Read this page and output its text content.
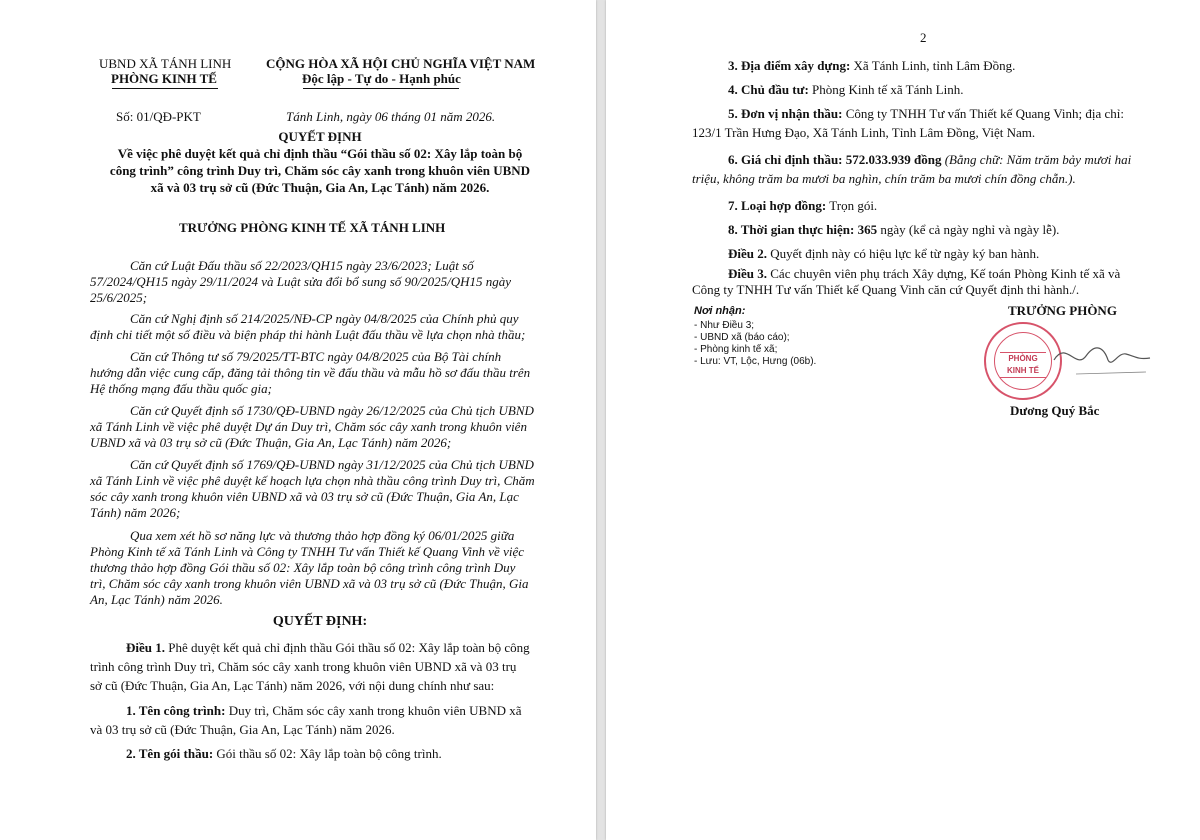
UBND XÃ TÁNH LINH
PHÒNG KINH TẾ
CỘNG HÒA XÃ HỘI CHỦ NGHĨA VIỆT NAM
Độc lập - Tự do - Hạnh phúc
Số: 01/QĐ-PKT	Tánh Linh, ngày 06 tháng 01 năm 2026.
QUYẾT ĐỊNH
Về việc phê duyệt kết quả chỉ định thầu “Gói thầu số 02: Xây lắp toàn bộ
công trình” công trình Duy trì, Chăm sóc cây xanh trong khuôn viên UBND
xã và 03 trụ sở cũ (Đức Thuận, Gia An, Lạc Tánh) năm 2026.
TRƯỞNG PHÒNG KINH TẾ XÃ TÁNH LINH
Căn cứ Luật Đấu thầu số 22/2023/QH15 ngày 23/6/2023; Luật số
57/2024/QH15 ngày 29/11/2024 và Luật sửa đổi bổ sung số 90/2025/QH15 ngày
25/6/2025;
Căn cứ Nghị định số 214/2025/NĐ-CP ngày 04/8/2025 của Chính phủ quy
định chi tiết một số điều và biện pháp thi hành Luật đấu thầu về lựa chọn nhà thầu;
Căn cứ Thông tư số 79/2025/TT-BTC ngày 04/8/2025 của Bộ Tài chính
hướng dẫn việc cung cấp, đăng tải thông tin về đấu thầu và mẫu hồ sơ đấu thầu trên
Hệ thống mạng đấu thầu quốc gia;
Căn cứ Quyết định số 1730/QĐ-UBND ngày 26/12/2025 của Chủ tịch UBND
xã Tánh Linh về việc phê duyệt Dự án Duy trì, Chăm sóc cây xanh trong khuôn viên
UBND xã và 03 trụ sở cũ (Đức Thuận, Gia An, Lạc Tánh) năm 2026;
Căn cứ Quyết định số 1769/QĐ-UBND ngày 31/12/2025 của Chủ tịch UBND
xã Tánh Linh về việc phê duyệt kế hoạch lựa chọn nhà thầu công trình Duy trì, Chăm
sóc cây xanh trong khuôn viên UBND xã và 03 trụ sở cũ (Đức Thuận, Gia An, Lạc
Tánh) năm 2026;
Qua xem xét hồ sơ năng lực và thương thảo hợp đồng ký 06/01/2025 giữa
Phòng Kinh tế xã Tánh Linh và Công ty TNHH Tư vấn Thiết kế Quang Vinh về việc
thương thảo hợp đồng Gói thầu số 02: Xây lắp toàn bộ công trình công trình Duy
trì, Chăm sóc cây xanh trong khuôn viên UBND xã và 03 trụ sở cũ (Đức Thuận, Gia
An, Lạc Tánh) năm 2026.
QUYẾT ĐỊNH:
Điều 1. Phê duyệt kết quả chỉ định thầu Gói thầu số 02: Xây lắp toàn bộ công
trình công trình Duy trì, Chăm sóc cây xanh trong khuôn viên UBND xã và 03 trụ
sở cũ (Đức Thuận, Gia An, Lạc Tánh) năm 2026, với nội dung chính như sau:
1. Tên công trình: Duy trì, Chăm sóc cây xanh trong khuôn viên UBND xã
và 03 trụ sở cũ (Đức Thuận, Gia An, Lạc Tánh) năm 2026.
2. Tên gói thầu: Gói thầu số 02: Xây lắp toàn bộ công trình.
2
3. Địa điểm xây dựng: Xã Tánh Linh, tỉnh Lâm Đồng.
4. Chủ đầu tư: Phòng Kinh tế xã Tánh Linh.
5. Đơn vị nhận thầu: Công ty TNHH Tư vấn Thiết kế Quang Vinh; địa chỉ:
123/1 Trần Hưng Đạo, Xã Tánh Linh, Tỉnh Lâm Đồng, Việt Nam.
6. Giá chỉ định thầu: 572.033.939 đồng (Bằng chữ: Năm trăm bảy mươi hai
triệu, không trăm ba mươi ba nghìn, chín trăm ba mươi chín đồng chẵn.).
7. Loại hợp đồng: Trọn gói.
8. Thời gian thực hiện: 365 ngày (kể cả ngày nghỉ và ngày lễ).
Điều 2. Quyết định này có hiệu lực kể từ ngày ký ban hành.
Điều 3. Các chuyên viên phụ trách Xây dựng, Kế toán Phòng Kinh tế xã và
Công ty TNHH Tư vấn Thiết kế Quang Vinh căn cứ Quyết định thi hành./.
Nơi nhận:
- Như Điều 3;
- UBND xã (báo cáo);
- Phòng kinh tế xã;
- Lưu: VT, Lộc, Hưng (06b).
TRƯỞNG PHÒNG
PHÒNG KINH TẾ
Dương Quý Bắc
